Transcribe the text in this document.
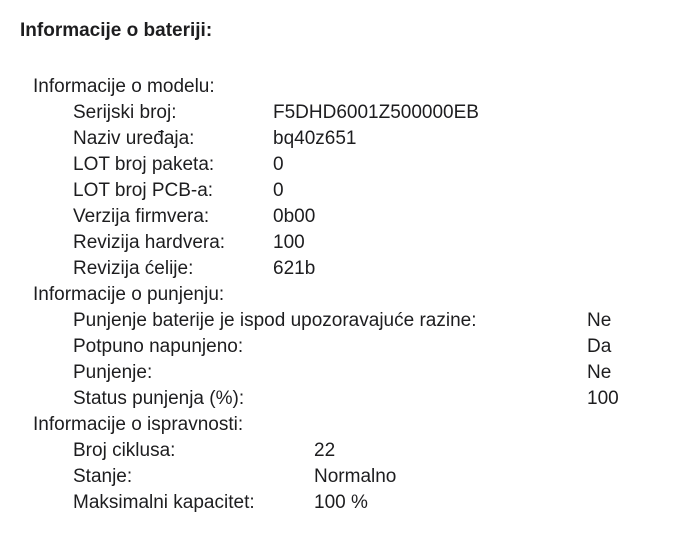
Informacije o bateriji:
Informacije o modelu:
Serijski broj:	F5DHD6001Z500000EB
Naziv uređaja:	bq40z651
LOT broj paketa:	0
LOT broj PCB-a:	0
Verzija firmvera:	0b00
Revizija hardvera:	100
Revizija ćelije:	621b
Informacije o punjenju:
Punjenje baterije je ispod upozoravajuće razine:	Ne
Potpuno napunjeno:	Da
Punjenje:	Ne
Status punjenja (%):	100
Informacije o ispravnosti:
Broj ciklusa:	22
Stanje:	Normalno
Maksimalni kapacitet:	100 %
